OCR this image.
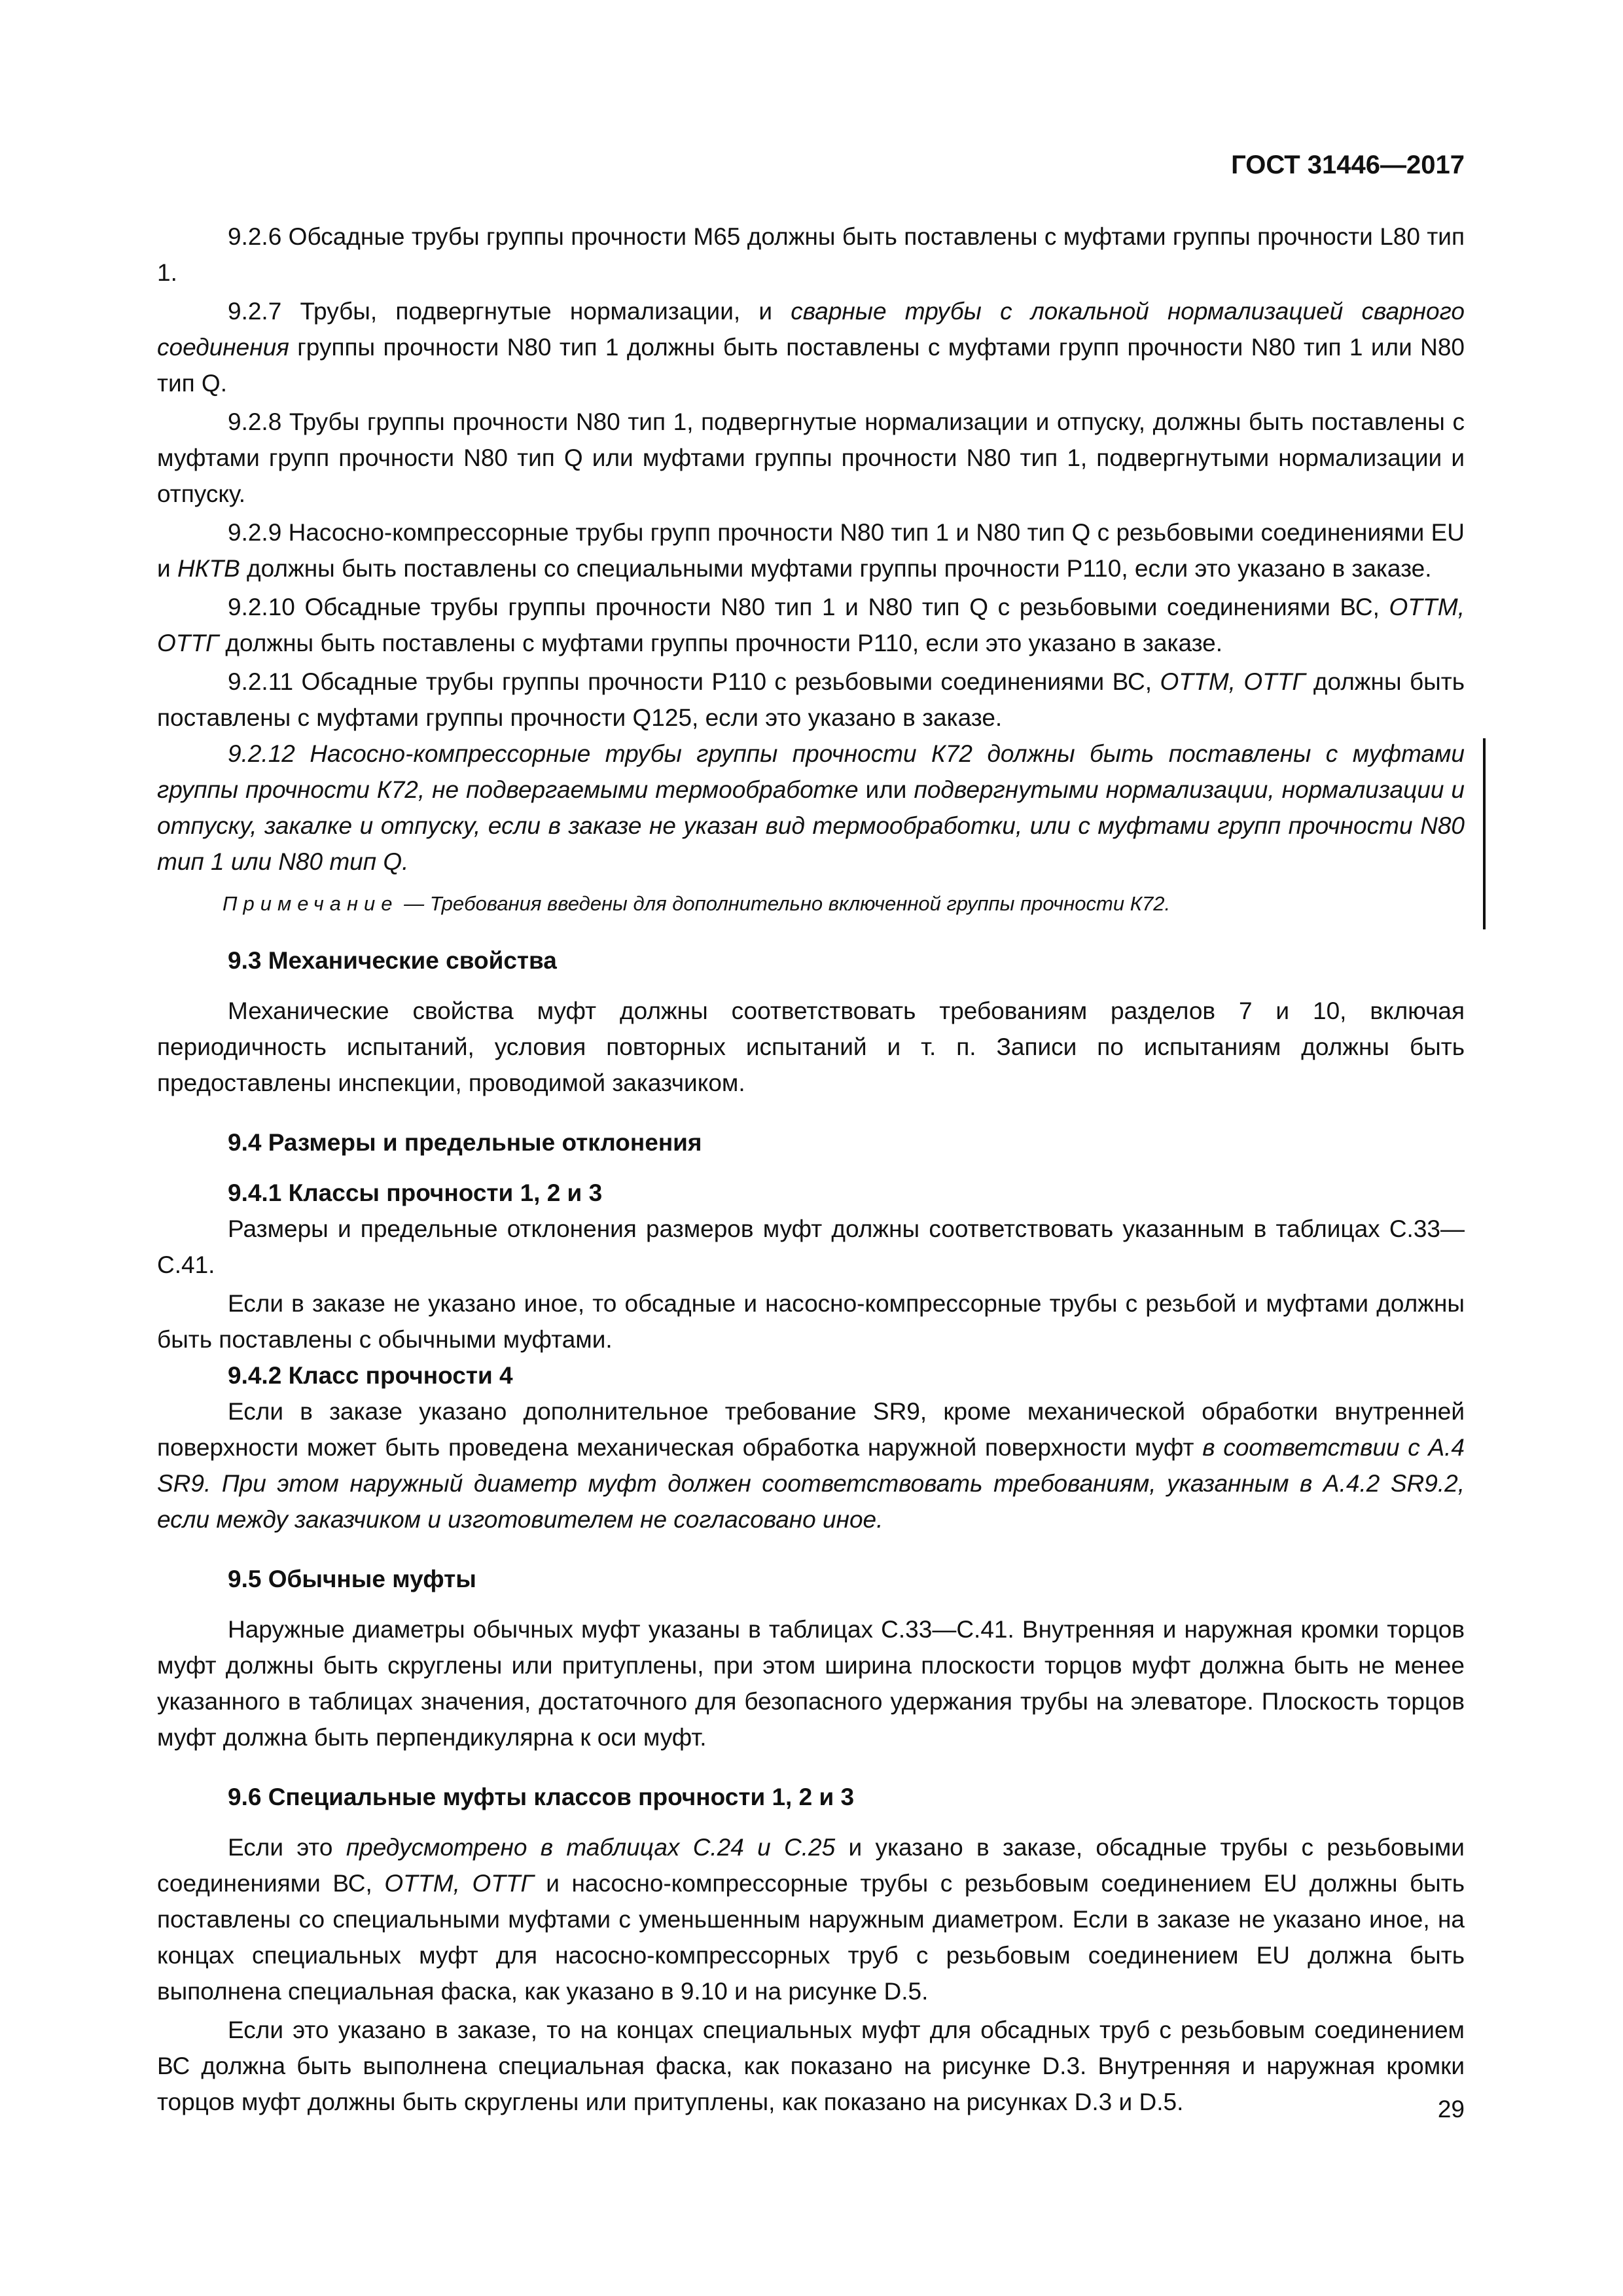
ГОСТ 31446—2017

9.2.6 Обсадные трубы группы прочности М65 должны быть поставлены с муфтами группы прочности L80 тип 1.

9.2.7 Трубы, подвергнутые нормализации, и сварные трубы с локальной нормализацией сварного соединения группы прочности N80 тип 1 должны быть поставлены с муфтами групп прочности N80 тип 1 или N80 тип Q.

9.2.8 Трубы группы прочности N80 тип 1, подвергнутые нормализации и отпуску, должны быть поставлены с муфтами групп прочности N80 тип Q или муфтами группы прочности N80 тип 1, подвергнутыми нормализации и отпуску.

9.2.9 Насосно-компрессорные трубы групп прочности N80 тип 1 и N80 тип Q с резьбовыми соединениями EU и НКТВ должны быть поставлены со специальными муфтами группы прочности Р110, если это указано в заказе.

9.2.10 Обсадные трубы группы прочности N80 тип 1 и N80 тип Q с резьбовыми соединениями ВС, ОТТМ, ОТТГ должны быть поставлены с муфтами группы прочности Р110, если это указано в заказе.

9.2.11 Обсадные трубы группы прочности Р110 с резьбовыми соединениями ВС, ОТТМ, ОТТГ должны быть поставлены с муфтами группы прочности Q125, если это указано в заказе.

9.2.12 Насосно-компрессорные трубы группы прочности К72 должны быть поставлены с муфтами группы прочности К72, не подвергаемыми термообработке или подвергнутыми нормализации, нормализации и отпуску, закалке и отпуску, если в заказе не указан вид термообработки, или с муфтами групп прочности N80 тип 1 или N80 тип Q.

Примечание — Требования введены для дополнительно включенной группы прочности К72.

9.3 Механические свойства

Механические свойства муфт должны соответствовать требованиям разделов 7 и 10, включая периодичность испытаний, условия повторных испытаний и т. п. Записи по испытаниям должны быть предоставлены инспекции, проводимой заказчиком.

9.4 Размеры и предельные отклонения
9.4.1 Классы прочности 1, 2 и 3

Размеры и предельные отклонения размеров муфт должны соответствовать указанным в таблицах С.33—С.41.

Если в заказе не указано иное, то обсадные и насосно-компрессорные трубы с резьбой и муфтами должны быть поставлены с обычными муфтами.

9.4.2 Класс прочности 4

Если в заказе указано дополнительное требование SR9, кроме механической обработки внутренней поверхности может быть проведена механическая обработка наружной поверхности муфт в соответствии с А.4 SR9. При этом наружный диаметр муфт должен соответствовать требованиям, указанным в А.4.2 SR9.2, если между заказчиком и изготовителем не согласовано иное.

9.5 Обычные муфты

Наружные диаметры обычных муфт указаны в таблицах С.33—С.41. Внутренняя и наружная кромки торцов муфт должны быть скруглены или притуплены, при этом ширина плоскости торцов муфт должна быть не менее указанного в таблицах значения, достаточного для безопасного удержания трубы на элеваторе. Плоскость торцов муфт должна быть перпендикулярна к оси муфт.

9.6 Специальные муфты классов прочности 1, 2 и 3

Если это предусмотрено в таблицах С.24 и С.25 и указано в заказе, обсадные трубы с резьбовыми соединениями ВС, ОТТМ, ОТТГ и насосно-компрессорные трубы с резьбовым соединением EU должны быть поставлены со специальными муфтами с уменьшенным наружным диаметром. Если в заказе не указано иное, на концах специальных муфт для насосно-компрессорных труб с резьбовым соединением EU должна быть выполнена специальная фаска, как указано в 9.10 и на рисунке D.5.

Если это указано в заказе, то на концах специальных муфт для обсадных труб с резьбовым соединением ВС должна быть выполнена специальная фаска, как показано на рисунке D.3. Внутренняя и наружная кромки торцов муфт должны быть скруглены или притуплены, как показано на рисунках D.3 и D.5.	29
